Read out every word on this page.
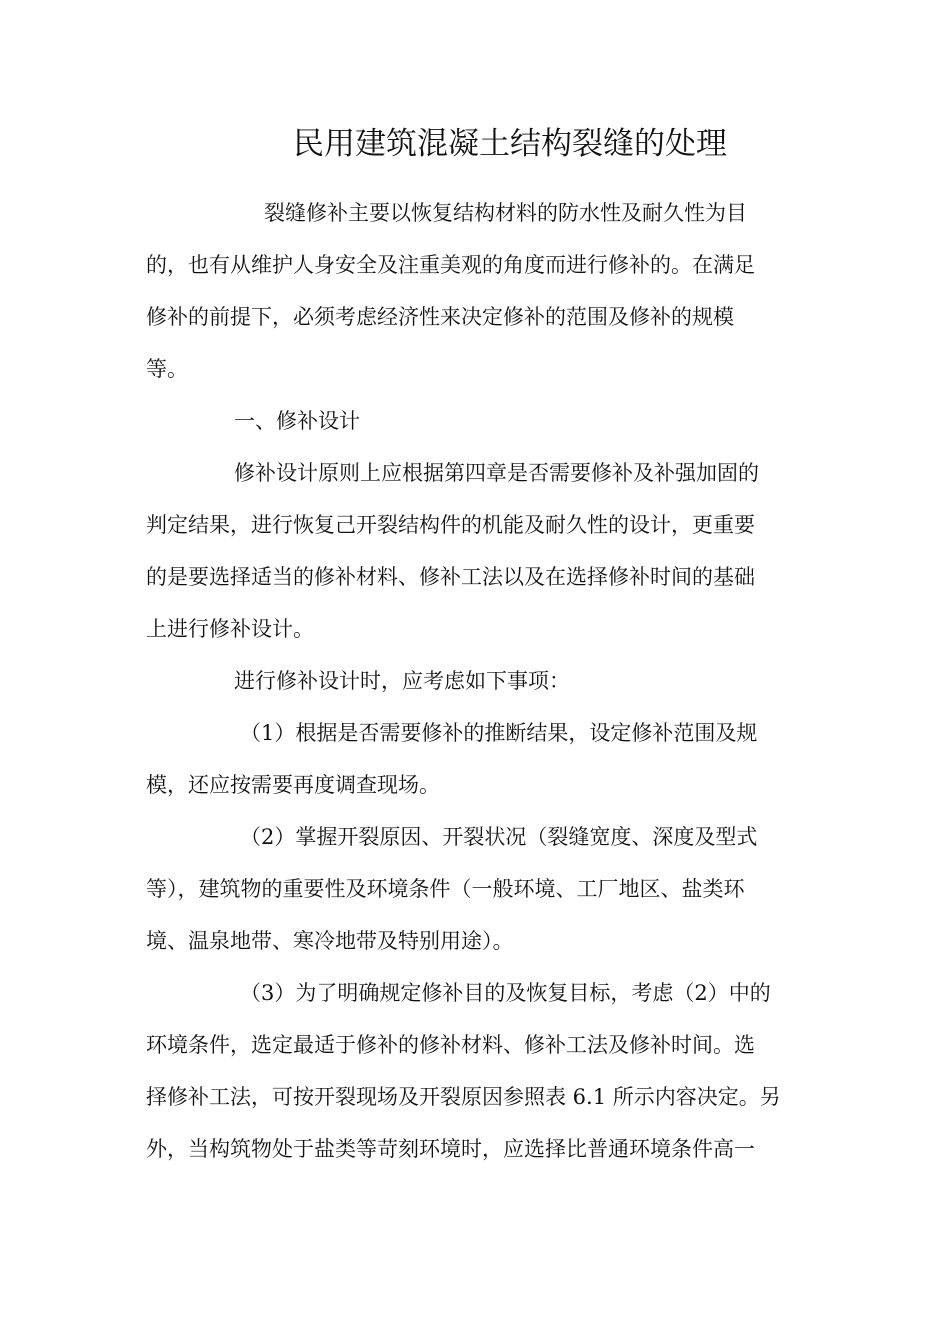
民用建筑混凝土结构裂缝的处理
裂缝修补主要以恢复结构材料的防水性及耐久性为目
的，也有从维护人身安全及注重美观的角度而进行修补的。在满足
修补的前提下，必须考虑经济性来决定修补的范围及修补的规模
等。
一、修补设计
修补设计原则上应根据第四章是否需要修补及补强加固的
判定结果，进行恢复己开裂结构件的机能及耐久性的设计，更重要
的是要选择适当的修补材料、修补工法以及在选择修补时间的基础
上进行修补设计。
进行修补设计时，应考虑如下事项：
（1）根据是否需要修补的推断结果，设定修补范围及规
模，还应按需要再度调查现场。
（2）掌握开裂原因、开裂状况（裂缝宽度、深度及型式
等），建筑物的重要性及环境条件（一般环境、工厂地区、盐类环
境、温泉地带、寒冷地带及特别用途）。
（3）为了明确规定修补目的及恢复目标，考虑（2）中的
环境条件，选定最适于修补的修补材料、修补工法及修补时间。选
择修补工法，可按开裂现场及开裂原因参照表 6.1 所示内容决定。另
外，当构筑物处于盐类等苛刻环境时，应选择比普通环境条件高一
